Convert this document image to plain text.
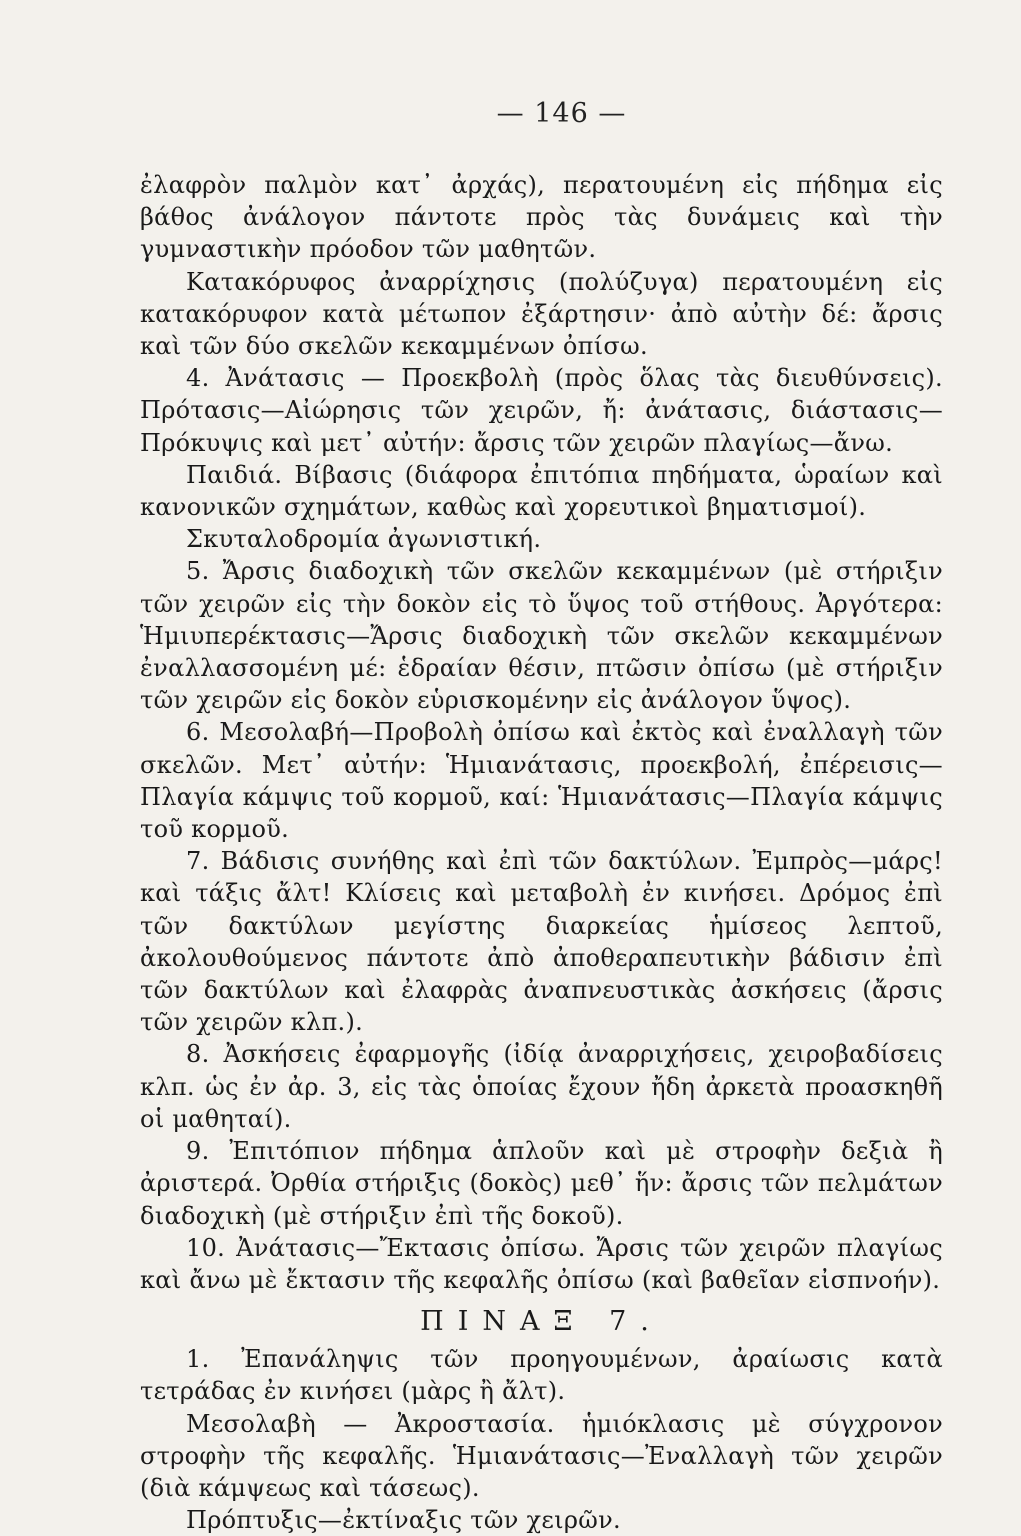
— 146 —

ἐλαφρὸν παλμὸν κατ᾽ ἀρχάς), περατουμένη εἰς πήδημα εἰς βάθος ἀνάλογον πάντοτε πρὸς τὰς δυνάμεις καὶ τὴν γυμναστικὴν πρόοδον τῶν μαθητῶν.

Κατακόρυφος ἀναρρίχησις (πολύζυγα) περατουμένη εἰς κατακόρυφον κατὰ μέτωπον ἐξάρτησιν· ἀπὸ αὐτὴν δέ: ἄρσις καὶ τῶν δύο σκελῶν κεκαμμένων ὀπίσω.

4. Ἀνάτασις — Προεκβολὴ (πρὸς ὅλας τὰς διευθύνσεις). Πρότασις—Αἰώρησις τῶν χειρῶν, ἤ: ἀνάτασις, διάστασις—Πρόκυψις καὶ μετ᾽ αὐτήν: ἄρσις τῶν χειρῶν πλαγίως—ἄνω.

Παιδιά. Βίβασις (διάφορα ἐπιτόπια πηδήματα, ὡραίων καὶ κανονικῶν σχημάτων, καθὼς καὶ χορευτικοὶ βηματισμοί).

Σκυταλοδρομία ἀγωνιστική.

5. Ἄρσις διαδοχικὴ τῶν σκελῶν κεκαμμένων (μὲ στήριξιν τῶν χειρῶν εἰς τὴν δοκὸν εἰς τὸ ὕψος τοῦ στήθους. Ἀργότερα: Ἡμιυπερέκτασις—Ἄρσις διαδοχικὴ τῶν σκελῶν κεκαμμένων ἐναλλασσομένη μέ: ἑδραίαν θέσιν, πτῶσιν ὀπίσω (μὲ στήριξιν τῶν χειρῶν εἰς δοκὸν εὑρισκομένην εἰς ἀνάλογον ὕψος).

6. Μεσολαβή—Προβολὴ ὀπίσω καὶ ἐκτὸς καὶ ἐναλλαγὴ τῶν σκελῶν. Μετ᾽ αὐτήν: Ἡμιανάτασις, προεκβολή, ἐπέρεισις—Πλαγία κάμψις τοῦ κορμοῦ, καί: Ἡμιανάτασις—Πλαγία κάμψις τοῦ κορμοῦ.

7. Βάδισις συνήθης καὶ ἐπὶ τῶν δακτύλων. Ἐμπρὸς—μάρς! καὶ τάξις ἄλτ! Κλίσεις καὶ μεταβολὴ ἐν κινήσει. Δρόμος ἐπὶ τῶν δακτύλων μεγίστης διαρκείας ἡμίσεος λεπτοῦ, ἀκολουθούμενος πάντοτε ἀπὸ ἀποθεραπευτικὴν βάδισιν ἐπὶ τῶν δακτύλων καὶ ἐλαφρὰς ἀναπνευστικὰς ἀσκήσεις (ἄρσις τῶν χειρῶν κλπ.).

8. Ἀσκήσεις ἐφαρμογῆς (ἰδίᾳ ἀναρριχήσεις, χειροβαδίσεις κλπ. ὡς ἐν ἀρ. 3, εἰς τὰς ὁποίας ἔχουν ἤδη ἀρκετὰ προασκηθῆ οἱ μαθηταί).

9. Ἐπιτόπιον πήδημα ἁπλοῦν καὶ μὲ στροφὴν δεξιὰ ἢ ἀριστερά. Ὀρθία στήριξις (δοκὸς) μεθ᾽ ἥν: ἄρσις τῶν πελμάτων διαδοχικὴ (μὲ στήριξιν ἐπὶ τῆς δοκοῦ).

10. Ἀνάτασις—Ἔκτασις ὀπίσω. Ἄρσις τῶν χειρῶν πλαγίως καὶ ἄνω μὲ ἔκτασιν τῆς κεφαλῆς ὀπίσω (καὶ βαθεῖαν εἰσπνοήν).

ΠΙΝΑΞ 7.

1. Ἐπανάληψις τῶν προηγουμένων, ἀραίωσις κατὰ τετράδας ἐν κινήσει (μὰρς ἢ ἄλτ).

Μεσολαβὴ — Ἀκροστασία. ἡμιόκλασις μὲ σύγχρονον στροφὴν τῆς κεφαλῆς. Ἡμιανάτασις—Ἐναλλαγὴ τῶν χειρῶν (διὰ κάμψεως καὶ τάσεως).

Πρόπτυξις—ἐκτίναξις τῶν χειρῶν.
